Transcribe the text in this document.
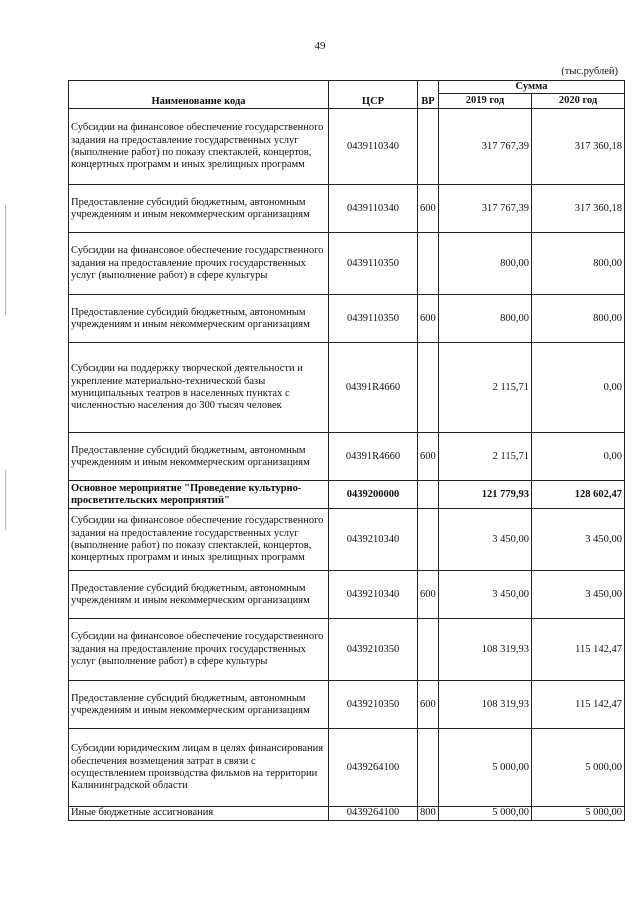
49
(тыс.рублей)
Наименование кода	ЦСР	ВР	Сумма	
			2019 год	2020 год
Субсидии на финансовое обеспечение государственного задания на предоставление государственных услуг (выполнение работ) по показу спектаклей, концертов, концертных программ и иных зрелищных программ	0439110340		317 767,39	317 360,18
Предоставление субсидий бюджетным, автономным учреждениям и иным некоммерческим организациям	0439110340	600	317 767,39	317 360,18
Субсидии на финансовое обеспечение государственного задания на предоставление прочих государственных услуг (выполнение работ) в сфере культуры	0439110350		800,00	800,00
Предоставление субсидий бюджетным, автономным учреждениям и иным некоммерческим организациям	0439110350	600	800,00	800,00
Субсидии на поддержку творческой деятельности и укрепление материально-технической базы муниципальных театров в населенных пунктах с численностью населения до 300 тысяч человек	04391R4660		2 115,71	0,00
Предоставление субсидий бюджетным, автономным учреждениям и иным некоммерческим организациям	04391R4660	600	2 115,71	0,00
Основное мероприятие "Проведение культурно-просветительских мероприятий"	0439200000		121 779,93	128 602,47
Субсидии на финансовое обеспечение государственного задания на предоставление государственных услуг (выполнение работ) по показу спектаклей, концертов, концертных программ и иных зрелищных программ	0439210340		3 450,00	3 450,00
Предоставление субсидий бюджетным, автономным учреждениям и иным некоммерческим организациям	0439210340	600	3 450,00	3 450,00
Субсидии на финансовое обеспечение государственного задания на предоставление прочих государственных услуг (выполнение работ) в сфере культуры	0439210350		108 319,93	115 142,47
Предоставление субсидий бюджетным, автономным учреждениям и иным некоммерческим организациям	0439210350	600	108 319,93	115 142,47
Субсидии юридическим лицам в целях финансирования обеспечения возмещения затрат в связи с осуществлением производства фильмов на территории Калининградской области	0439264100		5 000,00	5 000,00
Иные бюджетные ассигнования	0439264100	800	5 000,00	5 000,00
